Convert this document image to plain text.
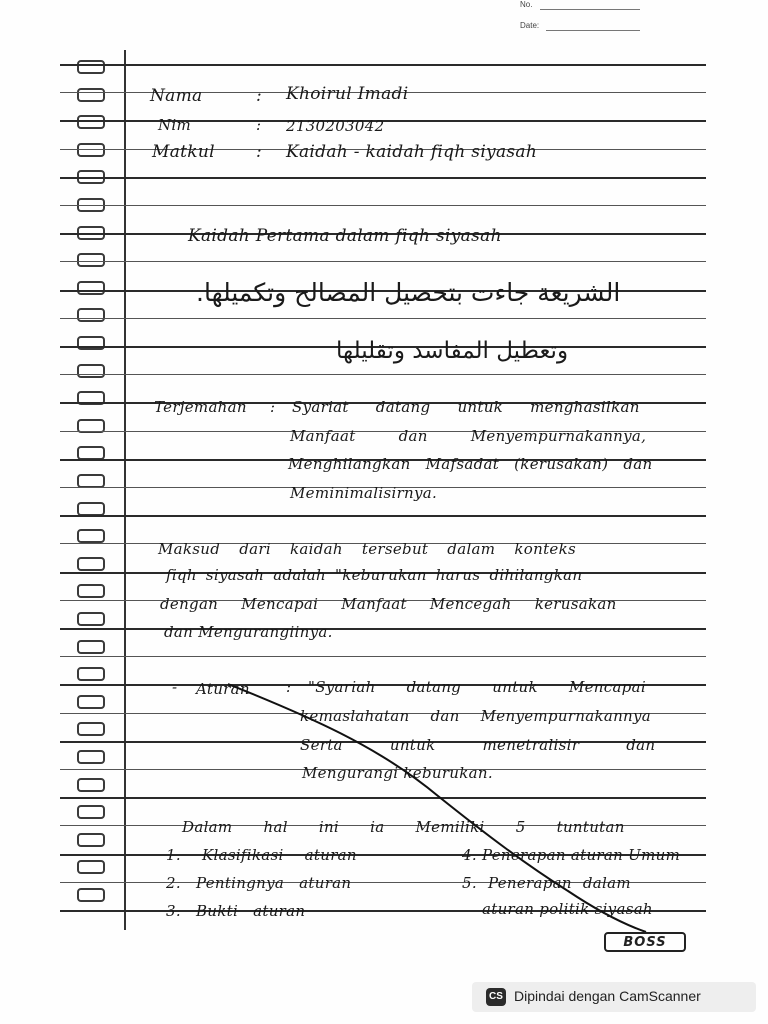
No.
Date:
Nama	: Khoirul Imadi
Nim	: 2130203042
Matkul : Kaidah - kaidah fiqh siyasah
Kaidah Pertama dalam fiqh siyasah
الشريعة جاءت بتحصيل المصالح وتكميلها.
وتعطيل المفاسد وتقليلها
Terjemahan : Syariat datang untuk menghasilkan
Manfaat dan Menyempurnakannya,
Menghilangkan Mafsadat (kerusakan) dan
Meminimalisirnya.
Maksud dari kaidah tersebut dalam konteks
fiqh siyasah adalah "keburukan harus dihilangkan
dengan Mencapai Manfaat Mencegah kerusakan
dan Mengurangiinya.
- Aturan : "Syariah datang untuk Mencapai
kemaslahatan dan Menyempurnakannya
Serta untuk menetralisir dan
Mengurangi keburukan.
Dalam hal ini ia Memiliki 5 tuntutan
1. Klasifikasi aturan
2. Pentingnya aturan
3. Bukti aturan
4. Penerapan aturan Umum
5. Penerapan dalam
aturan politik siyasah
BOSS
CS Dipindai dengan CamScanner
